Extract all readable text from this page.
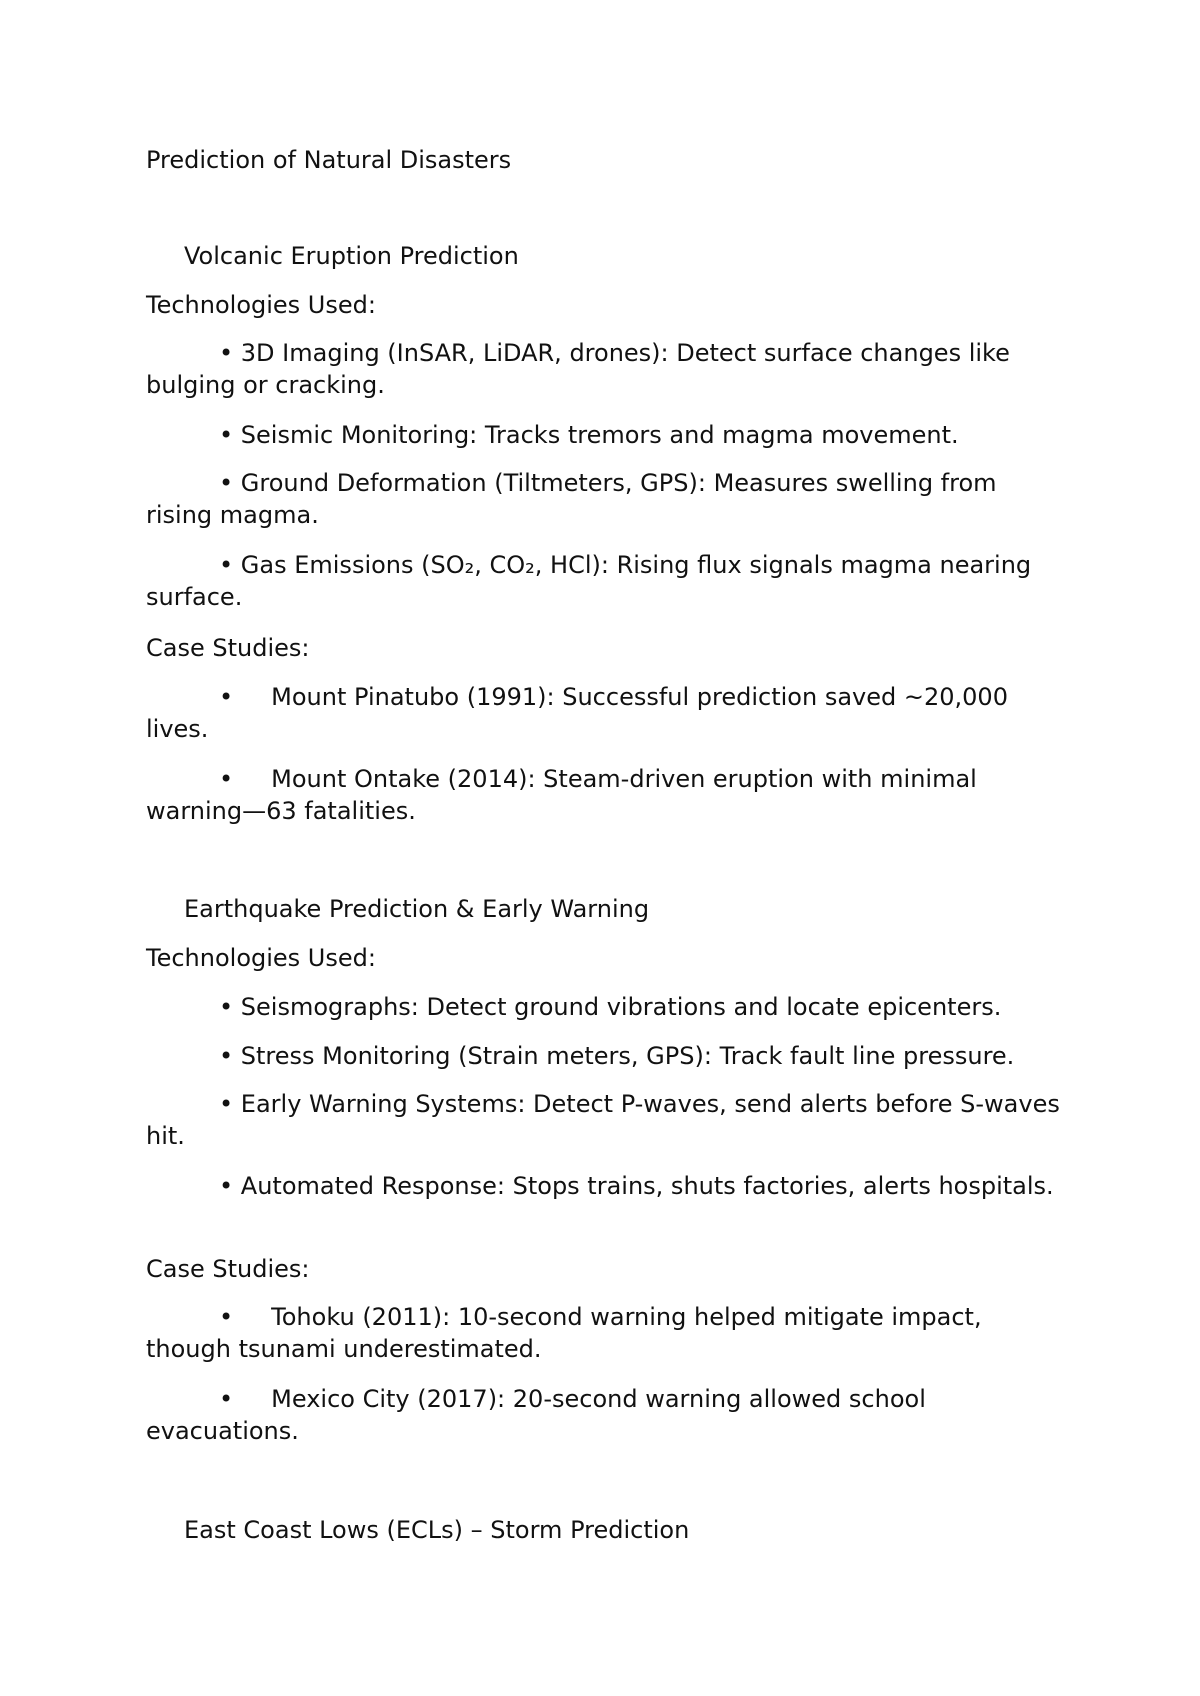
Prediction of Natural Disasters

Volcanic Eruption Prediction

Technologies Used:

• 3D Imaging (InSAR, LiDAR, drones): Detect surface changes like bulging or cracking.

• Seismic Monitoring: Tracks tremors and magma movement.

• Ground Deformation (Tiltmeters, GPS): Measures swelling from rising magma.

• Gas Emissions (SO₂, CO₂, HCl): Rising flux signals magma nearing surface.

Case Studies:

• Mount Pinatubo (1991): Successful prediction saved ~20,000 lives.

• Mount Ontake (2014): Steam-driven eruption with minimal warning—63 fatalities.

Earthquake Prediction & Early Warning

Technologies Used:

• Seismographs: Detect ground vibrations and locate epicenters.

• Stress Monitoring (Strain meters, GPS): Track fault line pressure.

• Early Warning Systems: Detect P-waves, send alerts before S-waves hit.

• Automated Response: Stops trains, shuts factories, alerts hospitals.

Case Studies:

• Tohoku (2011): 10-second warning helped mitigate impact, though tsunami underestimated.

• Mexico City (2017): 20-second warning allowed school evacuations.

East Coast Lows (ECLs) – Storm Prediction
